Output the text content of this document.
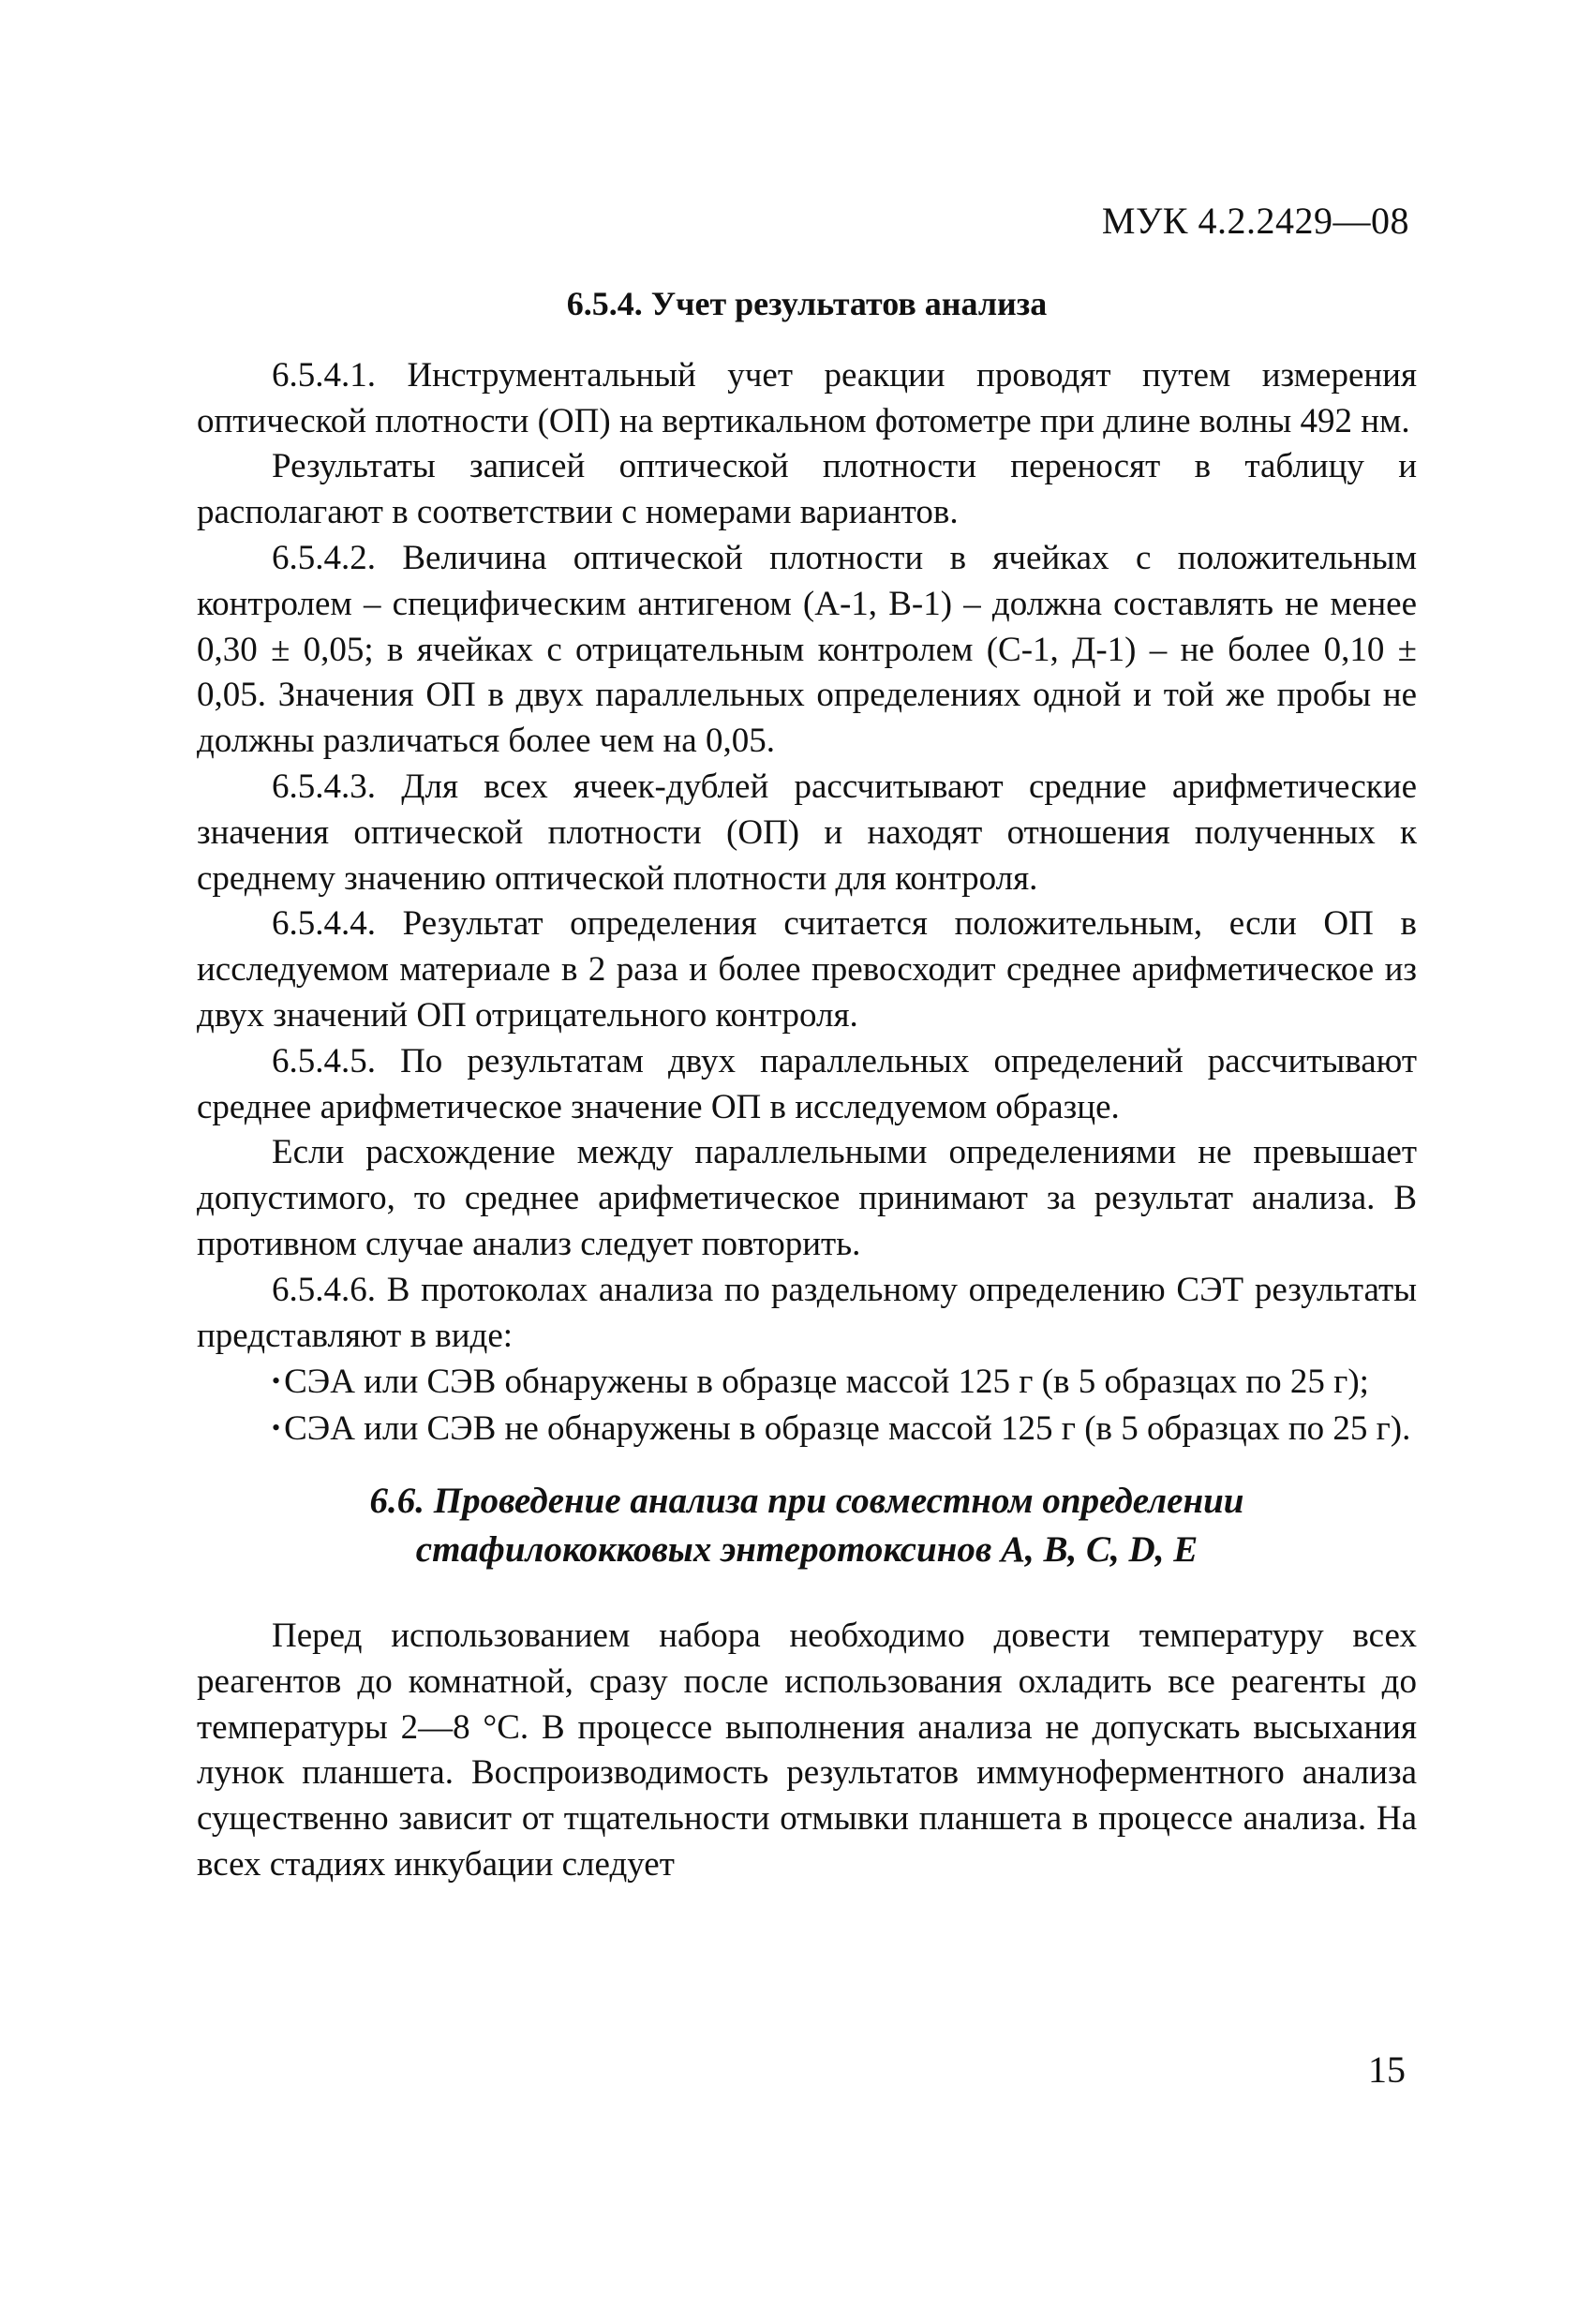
МУК 4.2.2429—08
6.5.4. Учет результатов анализа

6.5.4.1. Инструментальный учет реакции проводят путем измерения оптической плотности (ОП) на вертикальном фотометре при длине волны 492 нм.

Результаты записей оптической плотности переносят в таблицу и располагают в соответствии с номерами вариантов.

6.5.4.2. Величина оптической плотности в ячейках с положительным контролем – специфическим антигеном (А-1, В-1) – должна составлять не менее 0,30 ± 0,05; в ячейках с отрицательным контролем (С-1, Д-1) – не более 0,10 ± 0,05. Значения ОП в двух параллельных определениях одной и той же пробы не должны различаться более чем на 0,05.

6.5.4.3. Для всех ячеек-дублей рассчитывают средние арифметические значения оптической плотности (ОП) и находят отношения полученных к среднему значению оптической плотности для контроля.

6.5.4.4. Результат определения считается положительным, если ОП в исследуемом материале в 2 раза и более превосходит среднее арифметическое из двух значений ОП отрицательного контроля.

6.5.4.5. По результатам двух параллельных определений рассчитывают среднее арифметическое значение ОП в исследуемом образце.

Если расхождение между параллельными определениями не превышает допустимого, то среднее арифметическое принимают за результат анализа. В противном случае анализ следует повторить.

6.5.4.6. В протоколах анализа по раздельному определению СЭТ результаты представляют в виде:

• СЭА или СЭВ обнаружены в образце массой 125 г (в 5 образцах по 25 г);

• СЭА или СЭВ не обнаружены в образце массой 125 г (в 5 образцах по 25 г).

6.6. Проведение анализа при совместном определении
стафилококковых энтеротоксинов A, B, C, D, E

Перед использованием набора необходимо довести температуру всех реагентов до комнатной, сразу после использования охладить все реагенты до температуры 2—8 °С. В процессе выполнения анализа не допускать высыхания лунок планшета. Воспроизводимость результатов иммуноферментного анализа существенно зависит от тщательности отмывки планшета в процессе анализа. На всех стадиях инкубации следует

15
